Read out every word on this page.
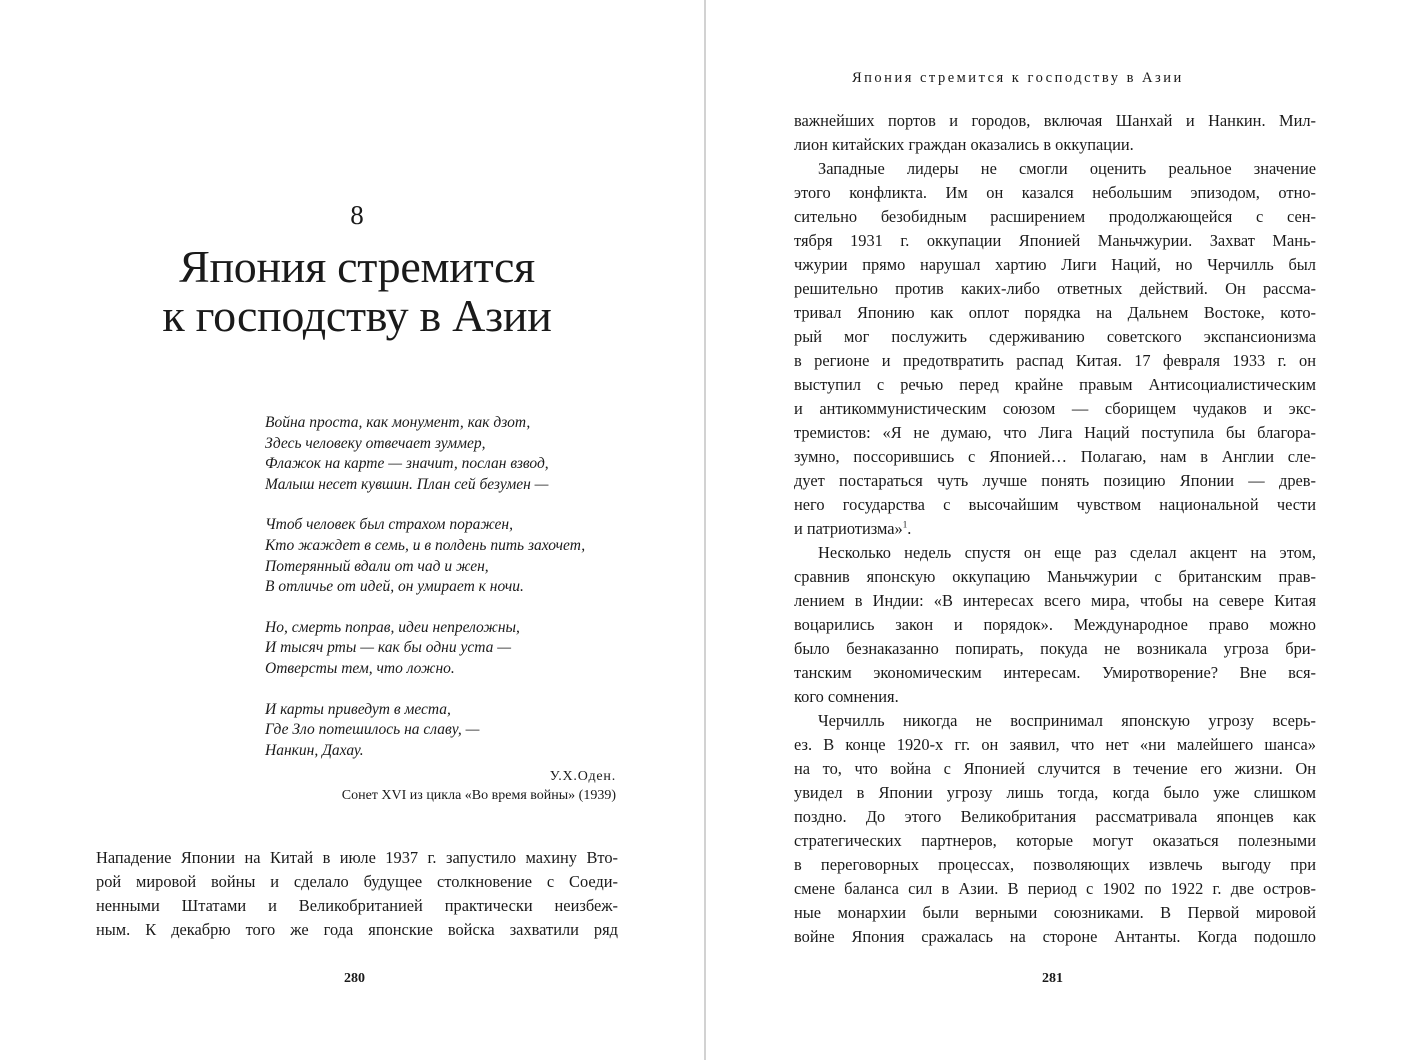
8
Япония стремится
к господству в Азии
Война проста, как монумент, как дзот,
Здесь человеку отвечает зуммер,
Флажок на карте — значит, послан взвод,
Малыш несет кувшин. План сей безумен —
Чтоб человек был страхом поражен,
Кто жаждет в семь, и в полдень пить захочет,
Потерянный вдали от чад и жен,
В отличье от идей, он умирает к ночи.
Но, смерть поправ, идеи непреложны,
И тысяч рты — как бы одни уста —
Отверсты тем, что ложно.
И карты приведут в места,
Где Зло потешилось на славу, —
Нанкин, Дахау.
У.Х.Оден.
Сонет XVI из цикла «Во время войны» (1939)
Нападение Японии на Китай в июле 1937 г. запустило махину Вто-
рой мировой войны и сделало будущее столкновение с Соеди-
ненными Штатами и Великобританией практически неизбеж-
ным. К декабрю того же года японские войска захватили ряд
280
Япония стремится к господству в Азии
важнейших портов и городов, включая Шанхай и Нанкин. Мил-
лион китайских граждан оказались в оккупации.
Западные лидеры не смогли оценить реальное значение
этого конфликта. Им он казался небольшим эпизодом, отно-
сительно безобидным расширением продолжающейся с сен-
тября 1931 г. оккупации Японией Маньчжурии. Захват Мань-
чжурии прямо нарушал хартию Лиги Наций, но Черчилль был
решительно против каких-либо ответных действий. Он рассма-
тривал Японию как оплот порядка на Дальнем Востоке, кото-
рый мог послужить сдерживанию советского экспансионизма
в регионе и предотвратить распад Китая. 17 февраля 1933 г. он
выступил с речью перед крайне правым Антисоциалистическим
и антикоммунистическим союзом — сборищем чудаков и экс-
тремистов: «Я не думаю, что Лига Наций поступила бы благора-
зумно, поссорившись с Японией… Полагаю, нам в Англии сле-
дует постараться чуть лучше понять позицию Японии — древ-
него государства с высочайшим чувством национальной чести
и патриотизма»$^1$.
Несколько недель спустя он еще раз сделал акцент на этом,
сравнив японскую оккупацию Маньчжурии с британским прав-
лением в Индии: «В интересах всего мира, чтобы на севере Китая
воцарились закон и порядок». Международное право можно
было безнаказанно попирать, покуда не возникала угроза бри-
танским экономическим интересам. Умиротворение? Вне вся-
кого сомнения.
Черчилль никогда не воспринимал японскую угрозу всерь-
ез. В конце 1920-х гг. он заявил, что нет «ни малейшего шанса»
на то, что война с Японией случится в течение его жизни. Он
увидел в Японии угрозу лишь тогда, когда было уже слишком
поздно. До этого Великобритания рассматривала японцев как
стратегических партнеров, которые могут оказаться полезными
в переговорных процессах, позволяющих извлечь выгоду при
смене баланса сил в Азии. В период с 1902 по 1922 г. две остров-
ные монархии были верными союзниками. В Первой мировой
войне Япония сражалась на стороне Антанты. Когда подошло
281
